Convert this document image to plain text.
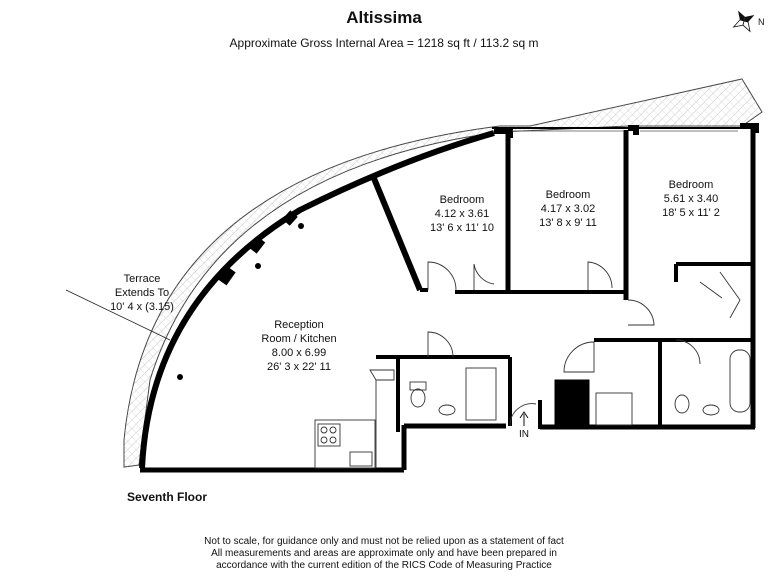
Altissima
Approximate Gross Internal Area = 1218 sq ft / 113.2 sq m
N
IN
Bedroom
4.12 x 3.61
13' 6 x 11' 10
Bedroom
4.17 x 3.02
13' 8 x 9' 11
Bedroom
5.61 x 3.40
18' 5 x 11' 2
Reception
Room / Kitchen
8.00 x 6.99
26' 3 x 22' 11
Terrace
Extends To
10' 4 x (3.15)
Seventh Floor
Not to scale, for guidance only and must not be relied upon as a statement of fact
All measurements and areas are approximate only and have been prepared in
accordance with the current edition of the RICS Code of Measuring Practice
